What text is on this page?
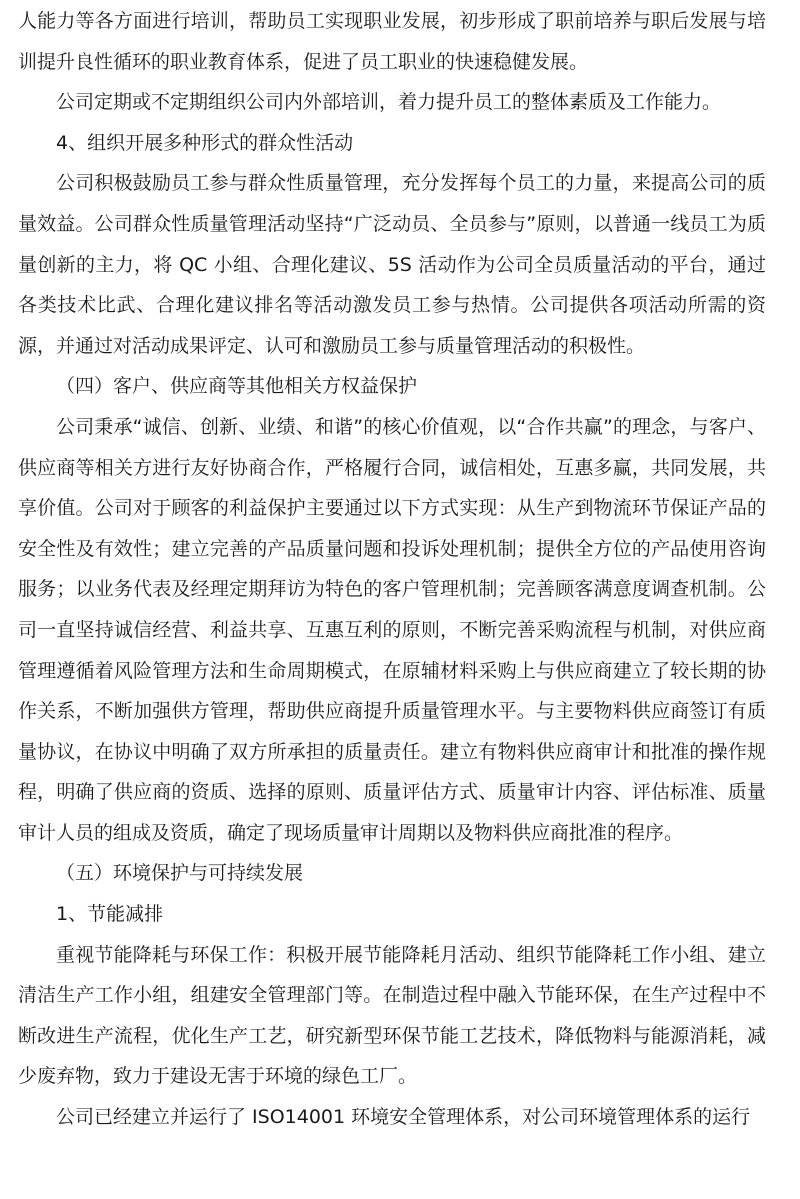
人能力等各方面进行培训，帮助员工实现职业发展，初步形成了职前培养与职后发展与培训提升良性循环的职业教育体系，促进了员工职业的快速稳健发展。

公司定期或不定期组织公司内外部培训，着力提升员工的整体素质及工作能力。

4、组织开展多种形式的群众性活动

公司积极鼓励员工参与群众性质量管理，充分发挥每个员工的力量，来提高公司的质量效益。公司群众性质量管理活动坚持“广泛动员、全员参与”原则，以普通一线员工为质量创新的主力，将 QC 小组、合理化建议、5S 活动作为公司全员质量活动的平台，通过各类技术比武、合理化建议排名等活动激发员工参与热情。公司提供各项活动所需的资源，并通过对活动成果评定、认可和激励员工参与质量管理活动的积极性。

（四）客户、供应商等其他相关方权益保护

公司秉承“诚信、创新、业绩、和谐”的核心价值观，以“合作共赢”的理念，与客户、供应商等相关方进行友好协商合作，严格履行合同，诚信相处，互惠多赢，共同发展，共享价值。公司对于顾客的利益保护主要通过以下方式实现：从生产到物流环节保证产品的安全性及有效性；建立完善的产品质量问题和投诉处理机制；提供全方位的产品使用咨询服务；以业务代表及经理定期拜访为特色的客户管理机制；完善顾客满意度调查机制。公司一直坚持诚信经营、利益共享、互惠互利的原则，不断完善采购流程与机制，对供应商管理遵循着风险管理方法和生命周期模式，在原辅材料采购上与供应商建立了较长期的协作关系，不断加强供方管理，帮助供应商提升质量管理水平。与主要物料供应商签订有质量协议，在协议中明确了双方所承担的质量责任。建立有物料供应商审计和批准的操作规程，明确了供应商的资质、选择的原则、质量评估方式、质量审计内容、评估标准、质量审计人员的组成及资质，确定了现场质量审计周期以及物料供应商批准的程序。

（五）环境保护与可持续发展

1、节能减排

重视节能降耗与环保工作：积极开展节能降耗月活动、组织节能降耗工作小组、建立清洁生产工作小组，组建安全管理部门等。在制造过程中融入节能环保，在生产过程中不断改进生产流程，优化生产工艺，研究新型环保节能工艺技术，降低物料与能源消耗，减少废弃物，致力于建设无害于环境的绿色工厂。

公司已经建立并运行了 ISO14001 环境安全管理体系，对公司环境管理体系的运行
